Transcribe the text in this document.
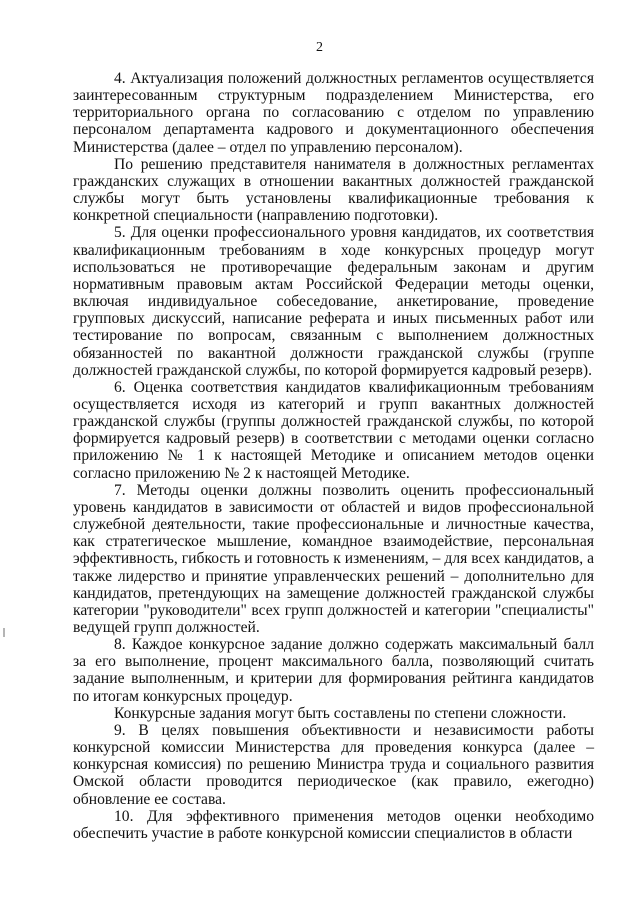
2

4. Актуализация положений должностных регламентов осуществляется заинтересованным структурным подразделением Министерства, его территориального органа по согласованию с отделом по управлению персоналом департамента кадрового и документационного обеспечения Министерства (далее – отдел по управлению персоналом).

По решению представителя нанимателя в должностных регламентах гражданских служащих в отношении вакантных должностей гражданской службы могут быть установлены квалификационные требования к конкретной специальности (направлению подготовки).

5. Для оценки профессионального уровня кандидатов, их соответствия квалификационным требованиям в ходе конкурсных процедур могут использоваться не противоречащие федеральным законам и другим нормативным правовым актам Российской Федерации методы оценки, включая индивидуальное собеседование, анкетирование, проведение групповых дискуссий, написание реферата и иных письменных работ или тестирование по вопросам, связанным с выполнением должностных обязанностей по вакантной должности гражданской службы (группе должностей гражданской службы, по которой формируется кадровый резерв).

6. Оценка соответствия кандидатов квалификационным требованиям осуществляется исходя из категорий и групп вакантных должностей гражданской службы (группы должностей гражданской службы, по которой формируется кадровый резерв) в соответствии с методами оценки согласно приложению № 1 к настоящей Методике и описанием методов оценки согласно приложению № 2 к настоящей Методике.

7. Методы оценки должны позволить оценить профессиональный уровень кандидатов в зависимости от областей и видов профессиональной служебной деятельности, такие профессиональные и личностные качества, как стратегическое мышление, командное взаимодействие, персональная эффективность, гибкость и готовность к изменениям, – для всех кандидатов, а также лидерство и принятие управленческих решений – дополнительно для кандидатов, претендующих на замещение должностей гражданской службы категории "руководители" всех групп должностей и категории "специалисты" ведущей групп должностей.

8. Каждое конкурсное задание должно содержать максимальный балл за его выполнение, процент максимального балла, позволяющий считать задание выполненным, и критерии для формирования рейтинга кандидатов по итогам конкурсных процедур.

Конкурсные задания могут быть составлены по степени сложности.

9. В целях повышения объективности и независимости работы конкурсной комиссии Министерства для проведения конкурса (далее – конкурсная комиссия) по решению Министра труда и социального развития Омской области проводится периодическое (как правило, ежегодно) обновление ее состава.

10. Для эффективного применения методов оценки необходимо обеспечить участие в работе конкурсной комиссии специалистов в области
